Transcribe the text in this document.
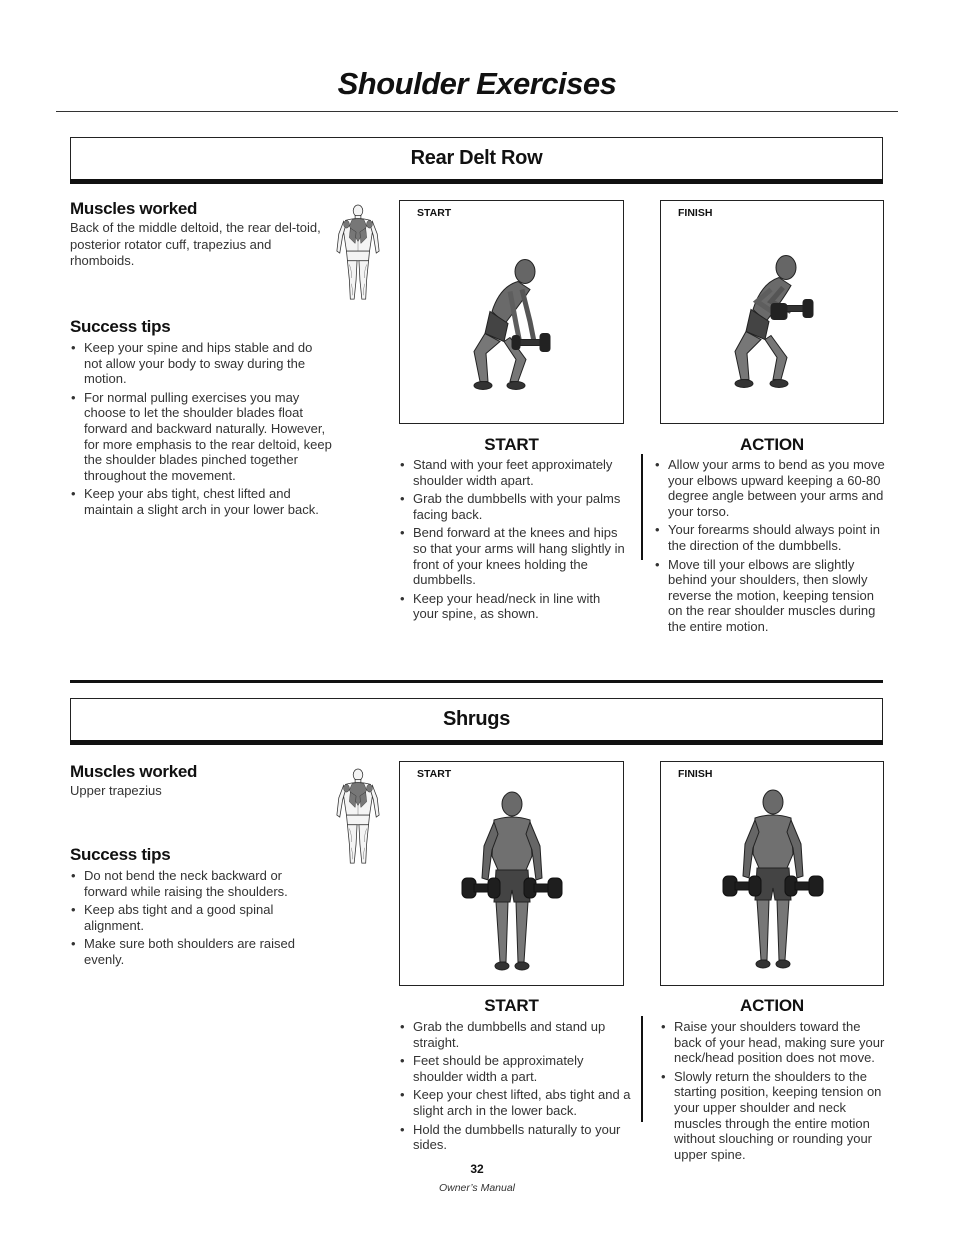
Shoulder Exercises
Rear Delt Row
Muscles worked
Back of the middle deltoid, the rear del-toid, posterior rotator cuff, trapezius and rhomboids.
Success tips
• Keep your spine and hips stable and do not allow your body to sway during the motion.
• For normal pulling exercises you may choose to let the shoulder blades float forward and backward naturally. However, for more emphasis to the rear deltoid, keep the shoulder blades pinched together throughout the movement.
• Keep your abs tight, chest lifted and maintain a slight arch in your lower back.
START	FINISH
START
• Stand with your feet approximately shoulder width apart.
• Grab the dumbbells with your palms facing back.
• Bend forward at the knees and hips so that your arms will hang slightly in front of your knees holding the dumbbells.
• Keep your head/neck in line with your spine, as shown.
ACTION
• Allow your arms to bend as you move your elbows upward keeping a 60-80 degree angle between your arms and your torso.
• Your forearms should always point in the direction of the dumbbells.
• Move till your elbows are slightly behind your shoulders, then slowly reverse the motion, keeping tension on the rear shoulder muscles during the entire motion.
Shrugs
Muscles worked
Upper trapezius
Success tips
• Do not bend the neck backward or forward while raising the shoulders.
• Keep abs tight and a good spinal alignment.
• Make sure both shoulders are raised evenly.
START	FINISH
START
• Grab the dumbbells and stand up straight.
• Feet should be approximately shoulder width a part.
• Keep your chest lifted, abs tight and a slight arch in the lower back.
• Hold the dumbbells naturally to your sides.
ACTION
• Raise your shoulders toward the back of your head, making sure your neck/head position does not move.
• Slowly return the shoulders to the starting position, keeping tension on your upper shoulder and neck muscles through the entire motion without slouching or rounding your upper spine.
32
Owner’s Manual
